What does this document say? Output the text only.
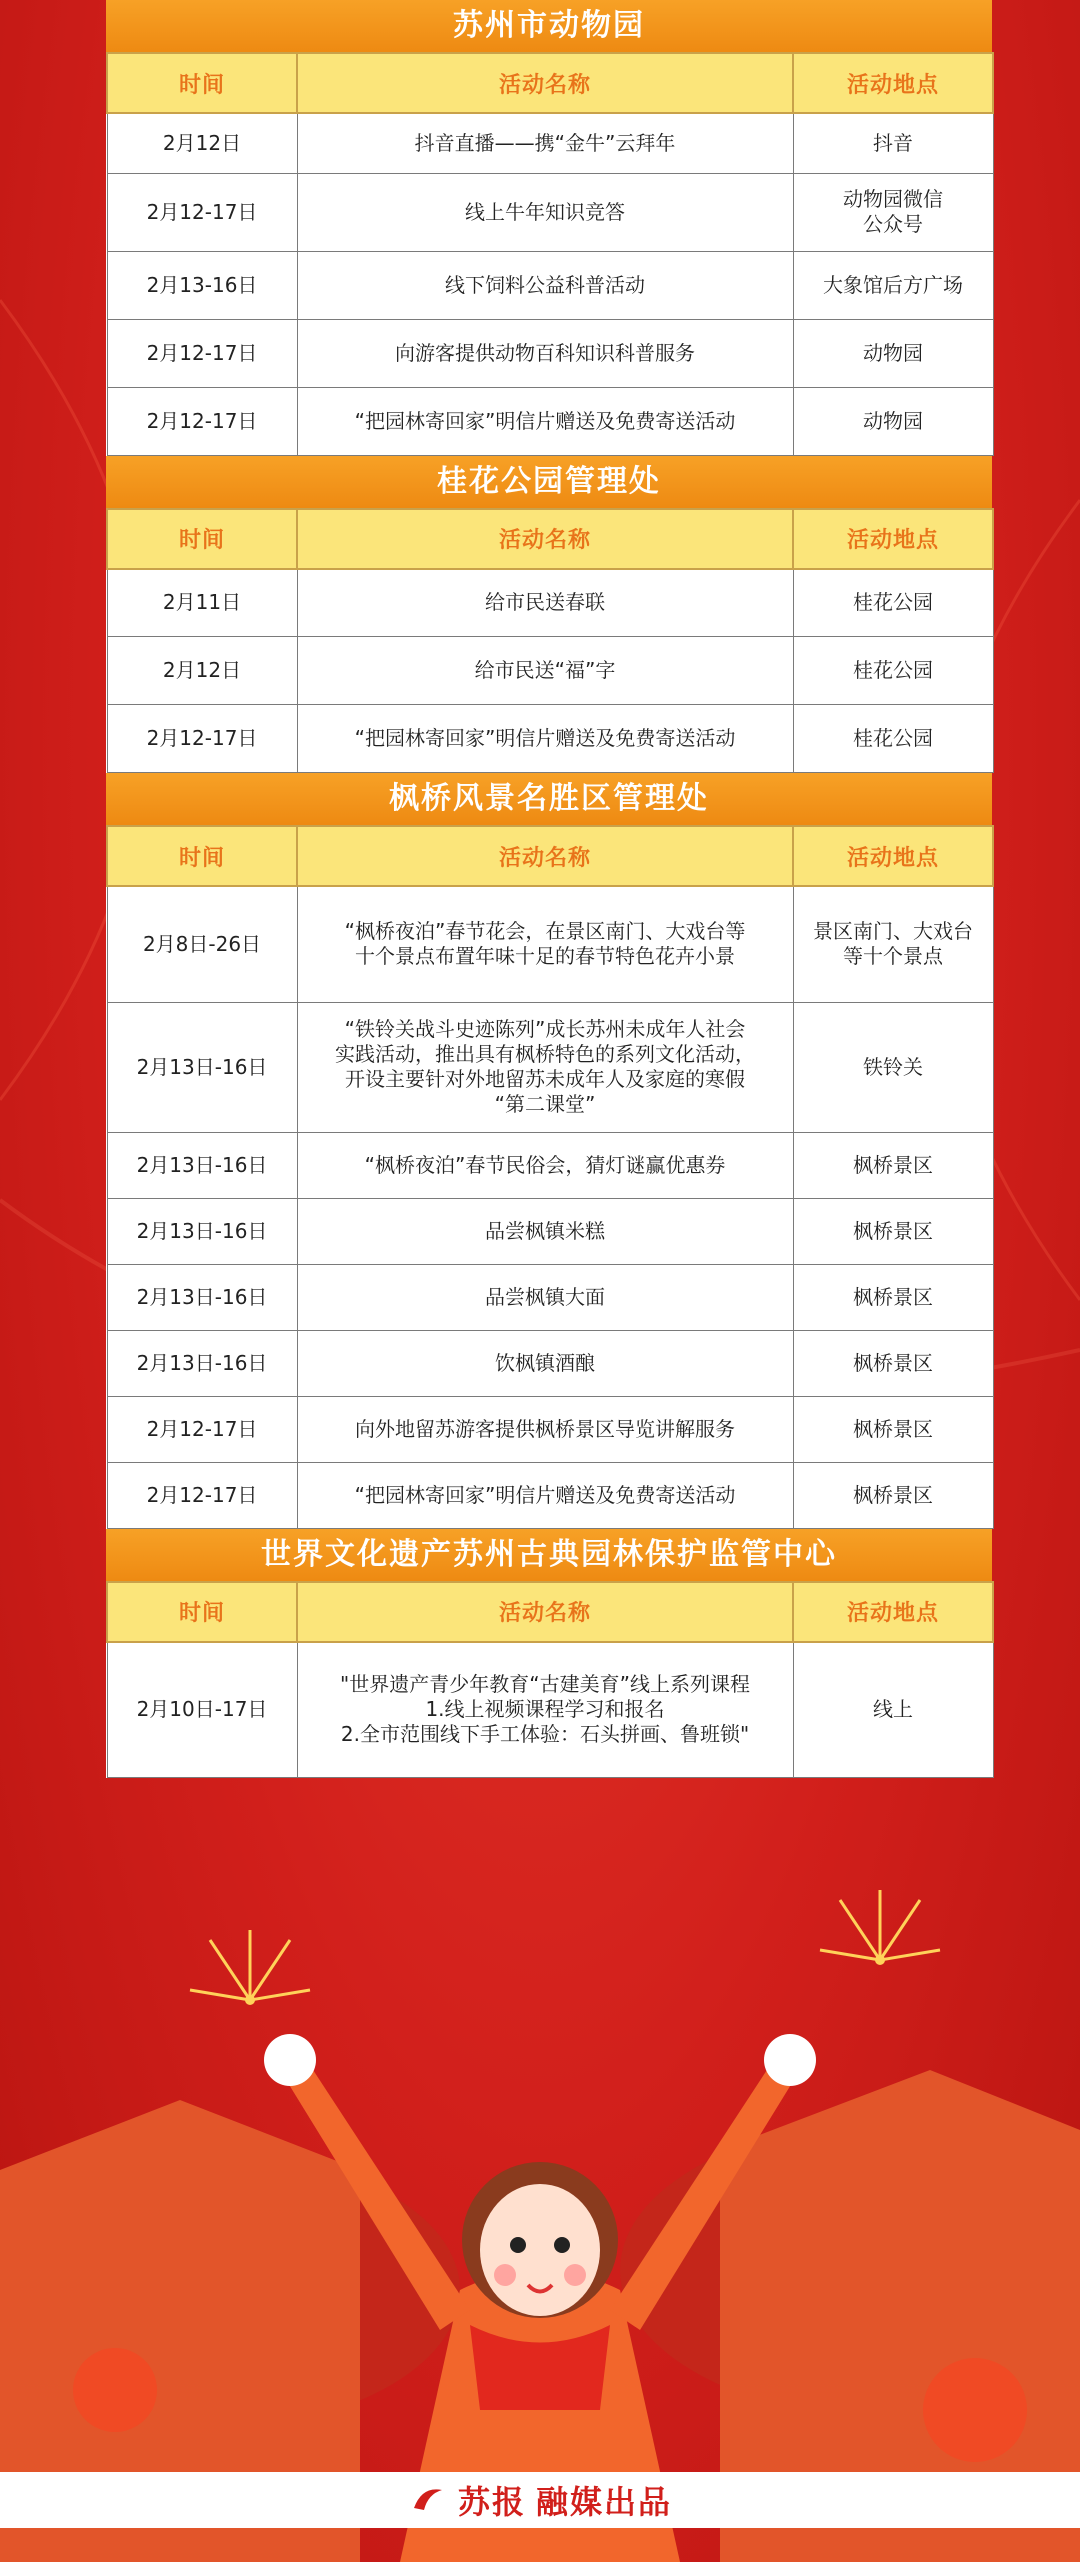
苏州市动物园
时间	活动名称	活动地点
2月12日	抖音直播——携“金牛”云拜年	抖音
2月12-17日	线上牛年知识竞答	动物园微信
公众号
2月13-16日	线下饲料公益科普活动	大象馆后方广场
2月12-17日	向游客提供动物百科知识科普服务	动物园
2月12-17日	“把园林寄回家”明信片赠送及免费寄送活动	动物园
桂花公园管理处
时间	活动名称	活动地点
2月11日	给市民送春联	桂花公园
2月12日	给市民送“福”字	桂花公园
2月12-17日	“把园林寄回家”明信片赠送及免费寄送活动	桂花公园
枫桥风景名胜区管理处
时间	活动名称	活动地点
2月8日-26日	“枫桥夜泊”春节花会，在景区南门、大戏台等
十个景点布置年味十足的春节特色花卉小景	景区南门、大戏台
等十个景点
2月13日-16日	“铁铃关战斗史迹陈列”成长苏州未成年人社会
实践活动，推出具有枫桥特色的系列文化活动，
开设主要针对外地留苏未成年人及家庭的寒假
“第二课堂”	铁铃关
2月13日-16日	“枫桥夜泊”春节民俗会，猜灯谜赢优惠券	枫桥景区
2月13日-16日	品尝枫镇米糕	枫桥景区
2月13日-16日	品尝枫镇大面	枫桥景区
2月13日-16日	饮枫镇酒酿	枫桥景区
2月12-17日	向外地留苏游客提供枫桥景区导览讲解服务	枫桥景区
2月12-17日	“把园林寄回家”明信片赠送及免费寄送活动	枫桥景区
世界文化遗产苏州古典园林保护监管中心
时间	活动名称	活动地点
2月10日-17日	"世界遗产青少年教育“古建美育”线上系列课程
1.线上视频课程学习和报名
2.全市范围线下手工体验：石头拼画、鲁班锁"	线上
苏报 融媒出品
